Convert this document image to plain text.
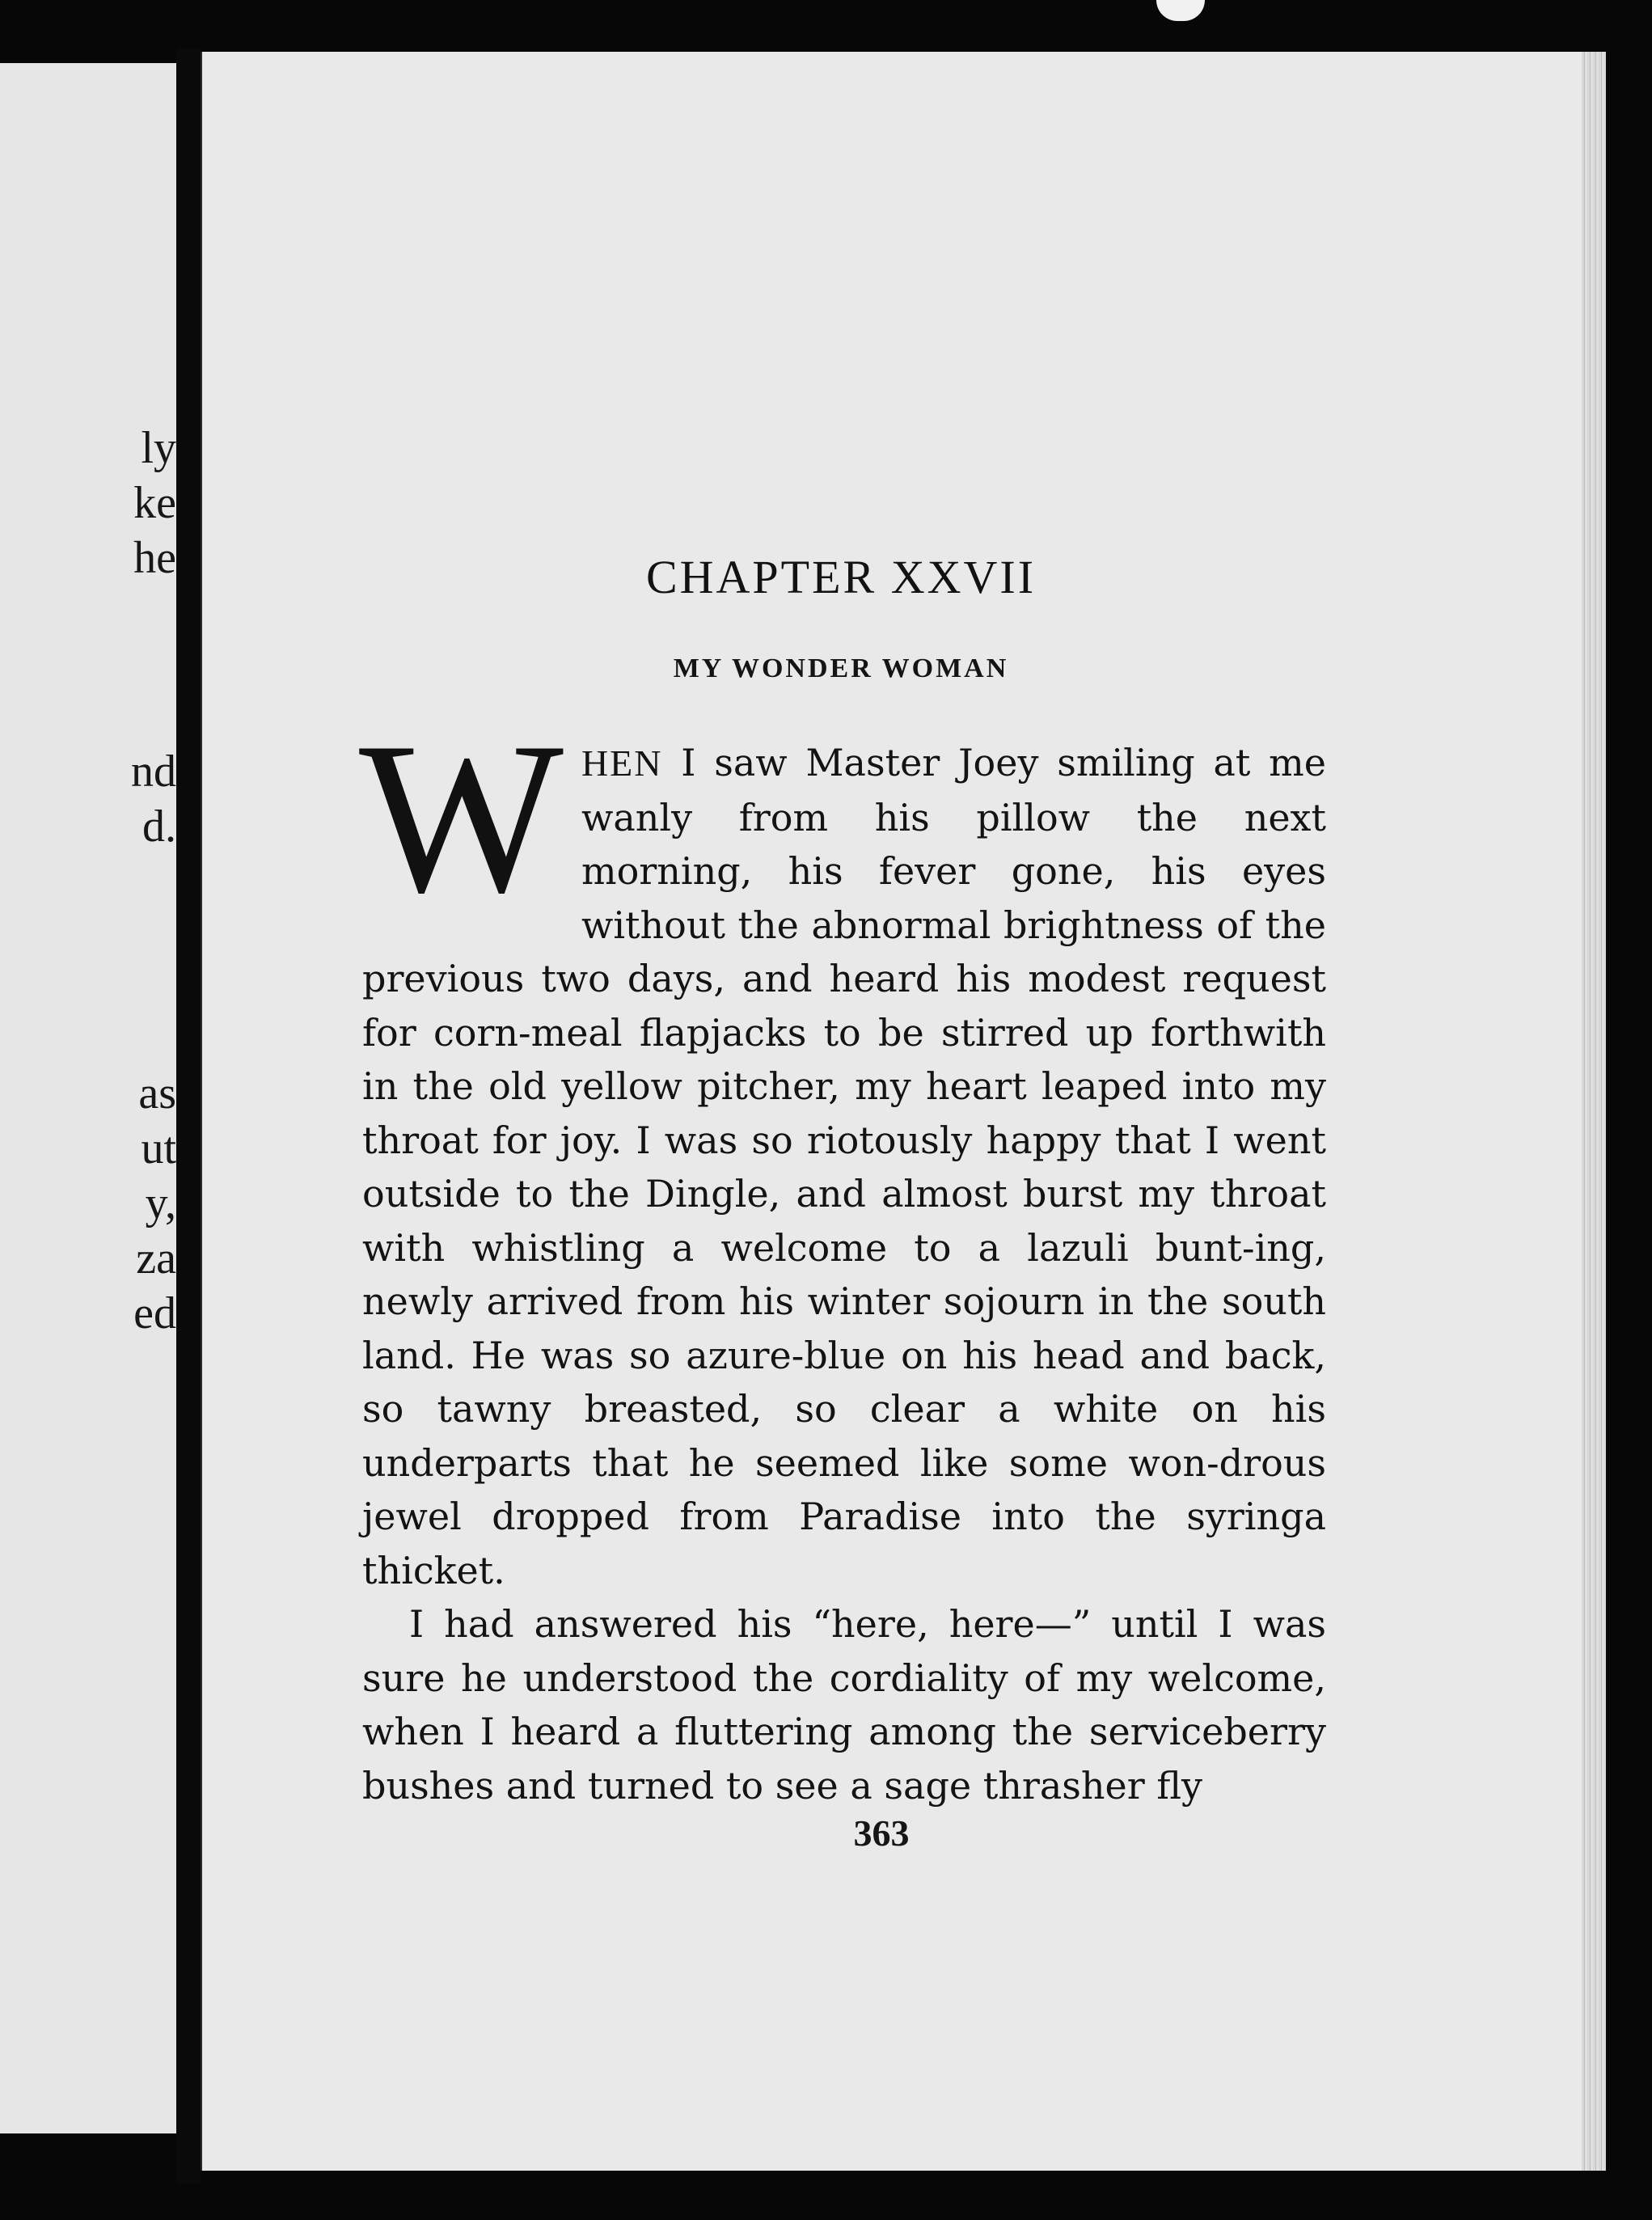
ly
ke
he
nd
d.
as
ut
y,
za
ed
CHAPTER XXVII
MY WONDER WOMAN

WHEN I saw Master Joey smiling at me wanly from his pillow the next morning, his fever gone, his eyes without the abnormal brightness of the previous two days, and heard his modest request for corn-meal flapjacks to be stirred up forthwith in the old yellow pitcher, my heart leaped into my throat for joy. I was so riotously happy that I went outside to the Dingle, and almost burst my throat with whistling a welcome to a lazuli bunt-ing, newly arrived from his winter sojourn in the south land. He was so azure-blue on his head and back, so tawny breasted, so clear a white on his underparts that he seemed like some won-drous jewel dropped from Paradise into the syringa thicket.

I had answered his “here, here—” until I was sure he understood the cordiality of my welcome, when I heard a fluttering among the serviceberry bushes and turned to see a sage thrasher fly

363
